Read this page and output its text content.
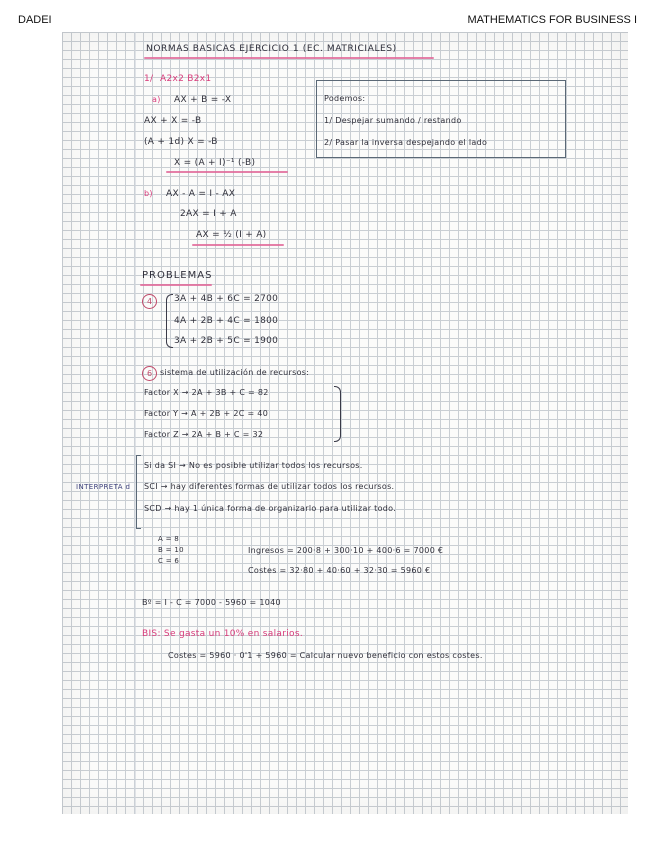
DADEI	MATHEMATICS FOR BUSINESS I
NORMAS BASICAS EJERCICIO 1 (EC. MATRICIALES)
1/ A2x2 B2x1
a) AX + B = -X
AX + X = -B
(A + 1d) X = -B
X = (A + I)⁻¹ (-B)
Podemos:
1/ Despejar sumando / restando
2/ Pasar la inversa despejando el lado
b) AX - A = I - AX
2AX = I + A
AX = ½ (I + A)
PROBLEMAS
4	3A + 4B + 6C = 2700
4A + 2B + 4C = 1800
3A + 2B + 5C = 1900
6 sistema de utilización de recursos:
Factor X → 2A + 3B + C = 82
Factor Y → A + 2B + 2C = 40
Factor Z → 2A + B + C = 32
INTERPRETA d
Si da SI → No es posible utilizar todos los recursos.
SCI → hay diferentes formas de utilizar todos los recursos.
SCD → hay 1 única forma de organizarlo para utilizar todo.
A = 8
B = 10
C = 6
Ingresos = 200·8 + 300·10 + 400·6 = 7000 €
Costes = 32·80 + 40·60 + 32·30 = 5960 €
Bº = I - C = 7000 - 5960 = 1040
BIS: Se gasta un 10% en salarios.
Costes = 5960 · 0'1 + 5960 = Calcular nuevo beneficio con estos costes.
